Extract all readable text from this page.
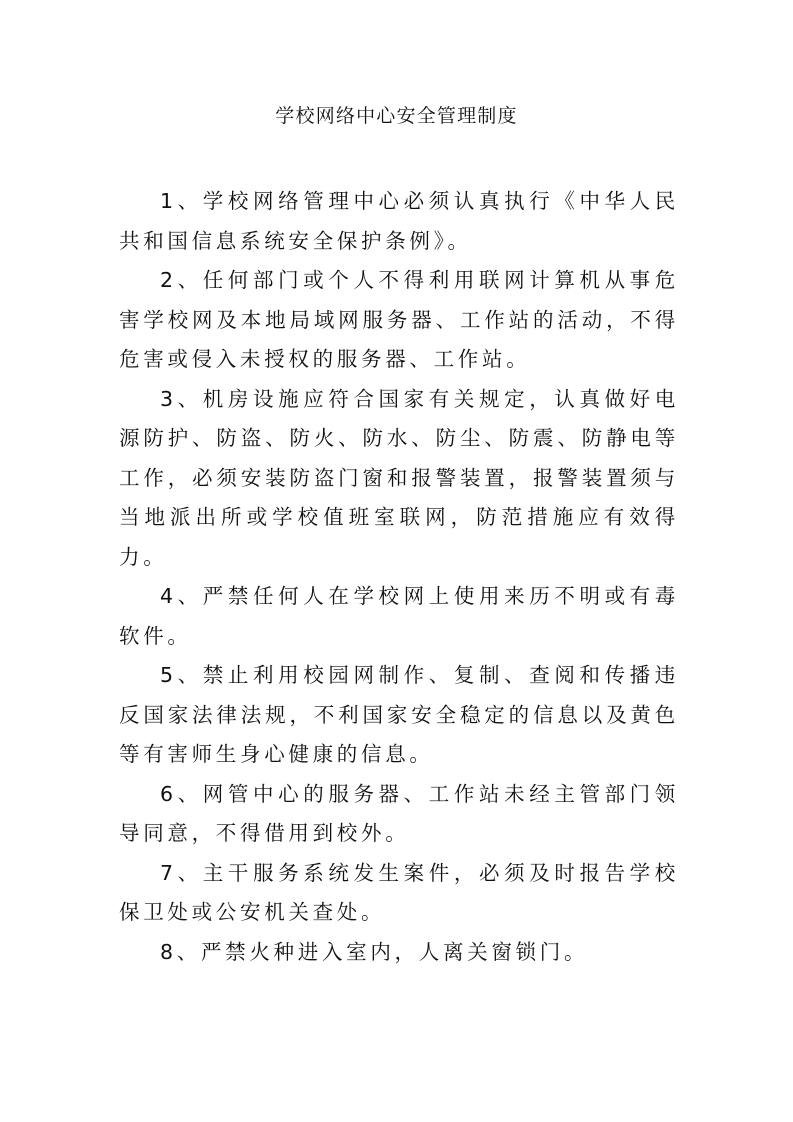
学校网络中心安全管理制度

1、学校网络管理中心必须认真执行《中华人民共和国信息系统安全保护条例》。

2、任何部门或个人不得利用联网计算机从事危害学校网及本地局域网服务器、工作站的活动，不得危害或侵入未授权的服务器、工作站。

3、机房设施应符合国家有关规定，认真做好电源防护、防盗、防火、防水、防尘、防震、防静电等工作，必须安装防盗门窗和报警装置，报警装置须与当地派出所或学校值班室联网，防范措施应有效得力。

4、严禁任何人在学校网上使用来历不明或有毒软件。

5、禁止利用校园网制作、复制、查阅和传播违反国家法律法规，不利国家安全稳定的信息以及黄色等有害师生身心健康的信息。

6、网管中心的服务器、工作站未经主管部门领导同意，不得借用到校外。

7、主干服务系统发生案件，必须及时报告学校保卫处或公安机关查处。

8、严禁火种进入室内，人离关窗锁门。
